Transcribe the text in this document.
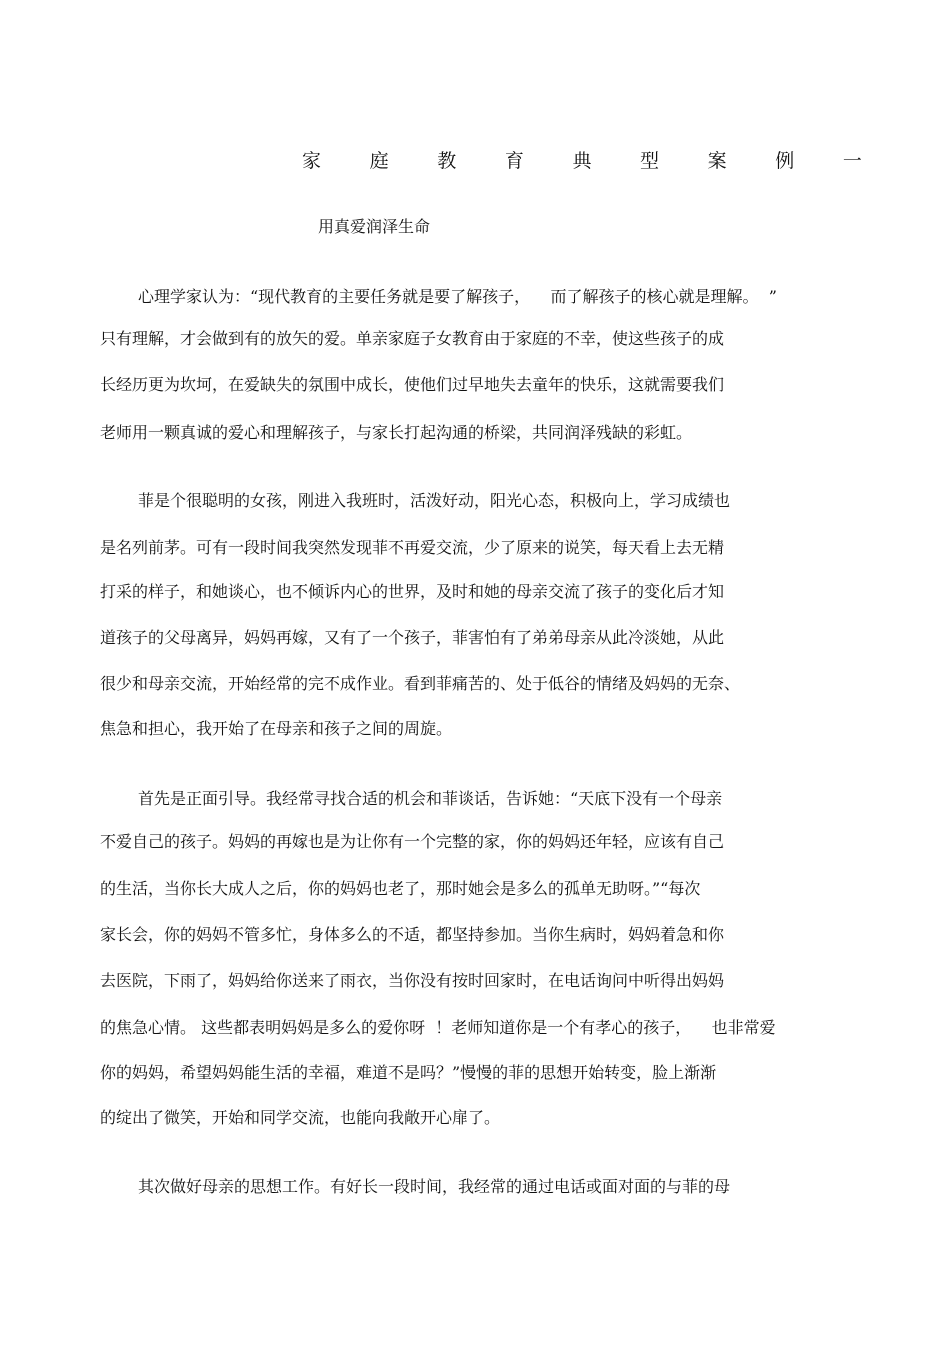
家	庭	教	育	典	型	案	例	一
用真爱润泽生命
心理学家认为：“现代教育的主要任务就是要了解孩子，    而了解孩子的核心就是理解。  ”
只有理解，才会做到有的放矢的爱。单亲家庭子女教育由于家庭的不幸，使这些孩子的成
长经历更为坎坷，在爱缺失的氛围中成长，使他们过早地失去童年的快乐，这就需要我们
老师用一颗真诚的爱心和理解孩子，与家长打起沟通的桥梁，共同润泽残缺的彩虹。
菲是个很聪明的女孩，刚进入我班时，活泼好动，阳光心态，积极向上，学习成绩也
是名列前茅。可有一段时间我突然发现菲不再爱交流，少了原来的说笑，每天看上去无精
打采的样子，和她谈心，也不倾诉内心的世界，及时和她的母亲交流了孩子的变化后才知
道孩子的父母离异，妈妈再嫁，又有了一个孩子，菲害怕有了弟弟母亲从此冷淡她，从此
很少和母亲交流，开始经常的完不成作业。看到菲痛苦的、处于低谷的情绪及妈妈的无奈、
焦急和担心，我开始了在母亲和孩子之间的周旋。
首先是正面引导。我经常寻找合适的机会和菲谈话，告诉她：“天底下没有一个母亲
不爱自己的孩子。妈妈的再嫁也是为让你有一个完整的家，你的妈妈还年轻，应该有自己
的生活，当你长大成人之后，你的妈妈也老了，那时她会是多么的孤单无助呀。”“每次
家长会，你的妈妈不管多忙，身体多么的不适，都坚持参加。当你生病时，妈妈着急和你
去医院，下雨了，妈妈给你送来了雨衣，当你没有按时回家时，在电话询问中听得出妈妈
的焦急心情。 这些都表明妈妈是多么的爱你呀  ！老师知道你是一个有孝心的孩子，    也非常爱
你的妈妈，希望妈妈能生活的幸福，难道不是吗？”慢慢的菲的思想开始转变，脸上渐渐
的绽出了微笑，开始和同学交流，也能向我敞开心扉了。
其次做好母亲的思想工作。有好长一段时间，我经常的通过电话或面对面的与菲的母
